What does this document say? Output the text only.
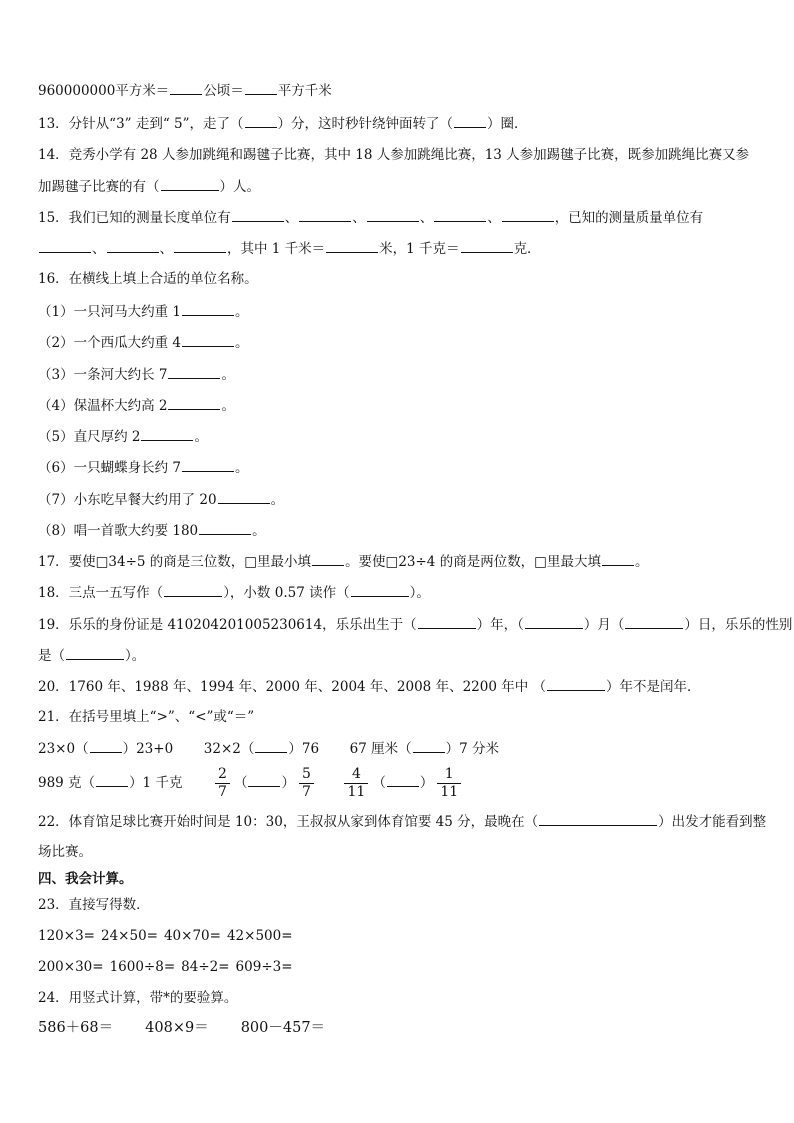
960000000平方米＝	公顷＝	平方千米
13．分针从“3” 走到“ 5”，走了（	）分，这时秒针绕钟面转了（	）圈．
14．竞秀小学有 28 人参加跳绳和踢毽子比赛，其中 18 人参加跳绳比赛，13 人参加踢毽子比赛，既参加跳绳比赛又参
加踢毽子比赛的有（	）人。
15．我们已知的测量长度单位有	、	、	、	、	，已知的测量质量单位有
、	、	，其中 1 千米＝	米，1 千克＝	克．
16．在横线上填上合适的单位名称。
（1）一只河马大约重 1	。
（2）一个西瓜大约重 4	。
（3）一条河大约长 7	。
（4）保温杯大约高 2	。
（5）直尺厚约 2	。
（6）一只蝴蝶身长约 7	。
（7）小东吃早餐大约用了 20	。
（8）唱一首歌大约要 180	。
17．要使□34÷5 的商是三位数，□里最小填	。要使□23÷4 的商是两位数，□里最大填	。
18．三点一五写作（	），小数 0.57 读作（	）。
19．乐乐的身份证是 410204201005230614，乐乐出生于（	）年，（	）月（	）日，乐乐的性别
是（	）。
20．1760 年、1988 年、1994 年、2000 年、2004 年、2008 年、2200 年中 （	）年不是闰年．
21．在括号里填上“>”、“<”或“＝”
23×0（	）23+0 32×2（	）76 67 厘米（	）7 分米
989 克（	）1 千克 $\frac{2}{7}$ （	） $\frac{5}{7}$
$\frac{4}{11}$ （	） $\frac{1}{11}$
22．体育馆足球比赛开始时间是 10：30，王叔叔从家到体育馆要 45 分，最晚在（	）出发才能看到整
场比赛。
四、我会计算。
23．直接写得数．
120×3= 24×50= 40×70= 42×500=
200×30= 1600÷8= 84÷2= 609÷3=
24．用竖式计算，带*的要验算。
586＋68＝ 408×9＝ 800－457＝
